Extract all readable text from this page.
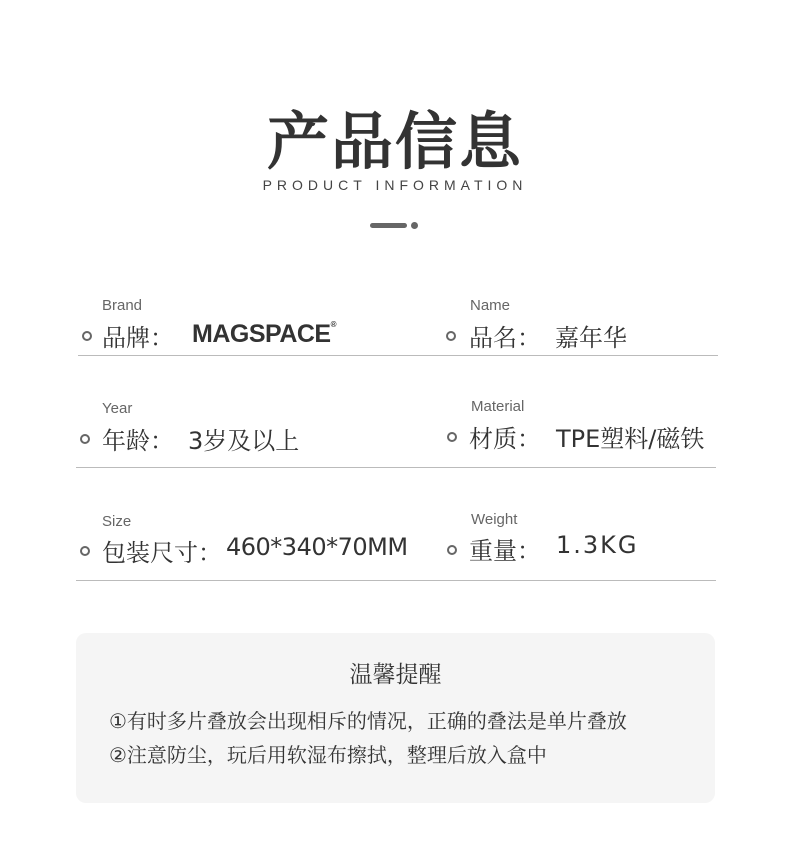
产品信息
PRODUCT INFORMATION
Brand
品牌： MAGSPACE®
Name
品名： 嘉年华
Year
年龄： 3岁及以上
Material
材质： TPE塑料/磁铁
Size
包装尺寸： 460*340*70MM
Weight
重量： 1.3KG
温馨提醒
①有时多片叠放会出现相斥的情况，正确的叠法是单片叠放
②注意防尘，玩后用软湿布擦拭，整理后放入盒中
